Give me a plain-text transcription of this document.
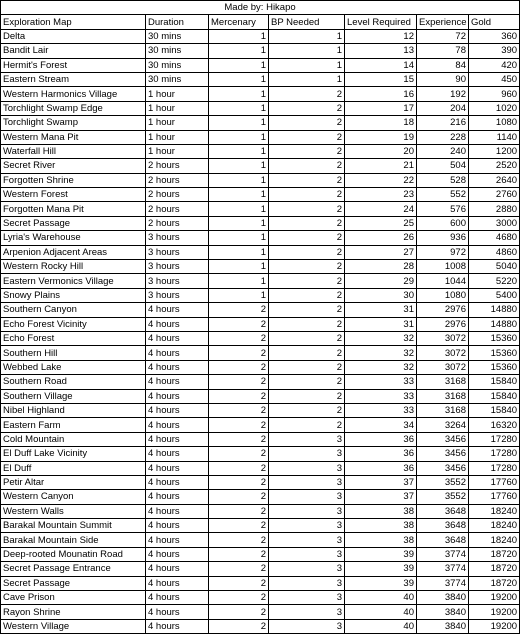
Made by: Hikapo						
Exploration Map	Duration	Mercenary	BP Needed	Level Required	Experience	Gold
Delta	30 mins	1	1	12	72	360
Bandit Lair	30 mins	1	1	13	78	390
Hermit's Forest	30 mins	1	1	14	84	420
Eastern Stream	30 mins	1	1	15	90	450
Western Harmonics Village	1 hour	1	2	16	192	960
Torchlight Swamp Edge	1 hour	1	2	17	204	1020
Torchlight Swamp	1 hour	1	2	18	216	1080
Western Mana Pit	1 hour	1	2	19	228	1140
Waterfall Hill	1 hour	1	2	20	240	1200
Secret River	2 hours	1	2	21	504	2520
Forgotten Shrine	2 hours	1	2	22	528	2640
Western Forest	2 hours	1	2	23	552	2760
Forgotten Mana Pit	2 hours	1	2	24	576	2880
Secret Passage	2 hours	1	2	25	600	3000
Lyria's Warehouse	3 hours	1	2	26	936	4680
Arpenion Adjacent Areas	3 hours	1	2	27	972	4860
Western Rocky Hill	3 hours	1	2	28	1008	5040
Eastern Vermonics Village	3 hours	1	2	29	1044	5220
Snowy Plains	3 hours	1	2	30	1080	5400
Southern Canyon	4 hours	2	2	31	2976	14880
Echo Forest Vicinity	4 hours	2	2	31	2976	14880
Echo Forest	4 hours	2	2	32	3072	15360
Southern Hill	4 hours	2	2	32	3072	15360
Webbed Lake	4 hours	2	2	32	3072	15360
Southern Road	4 hours	2	2	33	3168	15840
Southern Village	4 hours	2	2	33	3168	15840
Nibel Highland	4 hours	2	2	33	3168	15840
Eastern Farm	4 hours	2	2	34	3264	16320
Cold Mountain	4 hours	2	3	36	3456	17280
El Duff Lake Vicinity	4 hours	2	3	36	3456	17280
El Duff	4 hours	2	3	36	3456	17280
Petir Altar	4 hours	2	3	37	3552	17760
Western Canyon	4 hours	2	3	37	3552	17760
Western Walls	4 hours	2	3	38	3648	18240
Barakal Mountain Summit	4 hours	2	3	38	3648	18240
Barakal Mountain Side	4 hours	2	3	38	3648	18240
Deep-rooted Mounatin Road	4 hours	2	3	39	3774	18720
Secret Passage Entrance	4 hours	2	3	39	3774	18720
Secret Passage	4 hours	2	3	39	3774	18720
Cave Prison	4 hours	2	3	40	3840	19200
Rayon Shrine	4 hours	2	3	40	3840	19200
Western Village	4 hours	2	3	40	3840	19200
